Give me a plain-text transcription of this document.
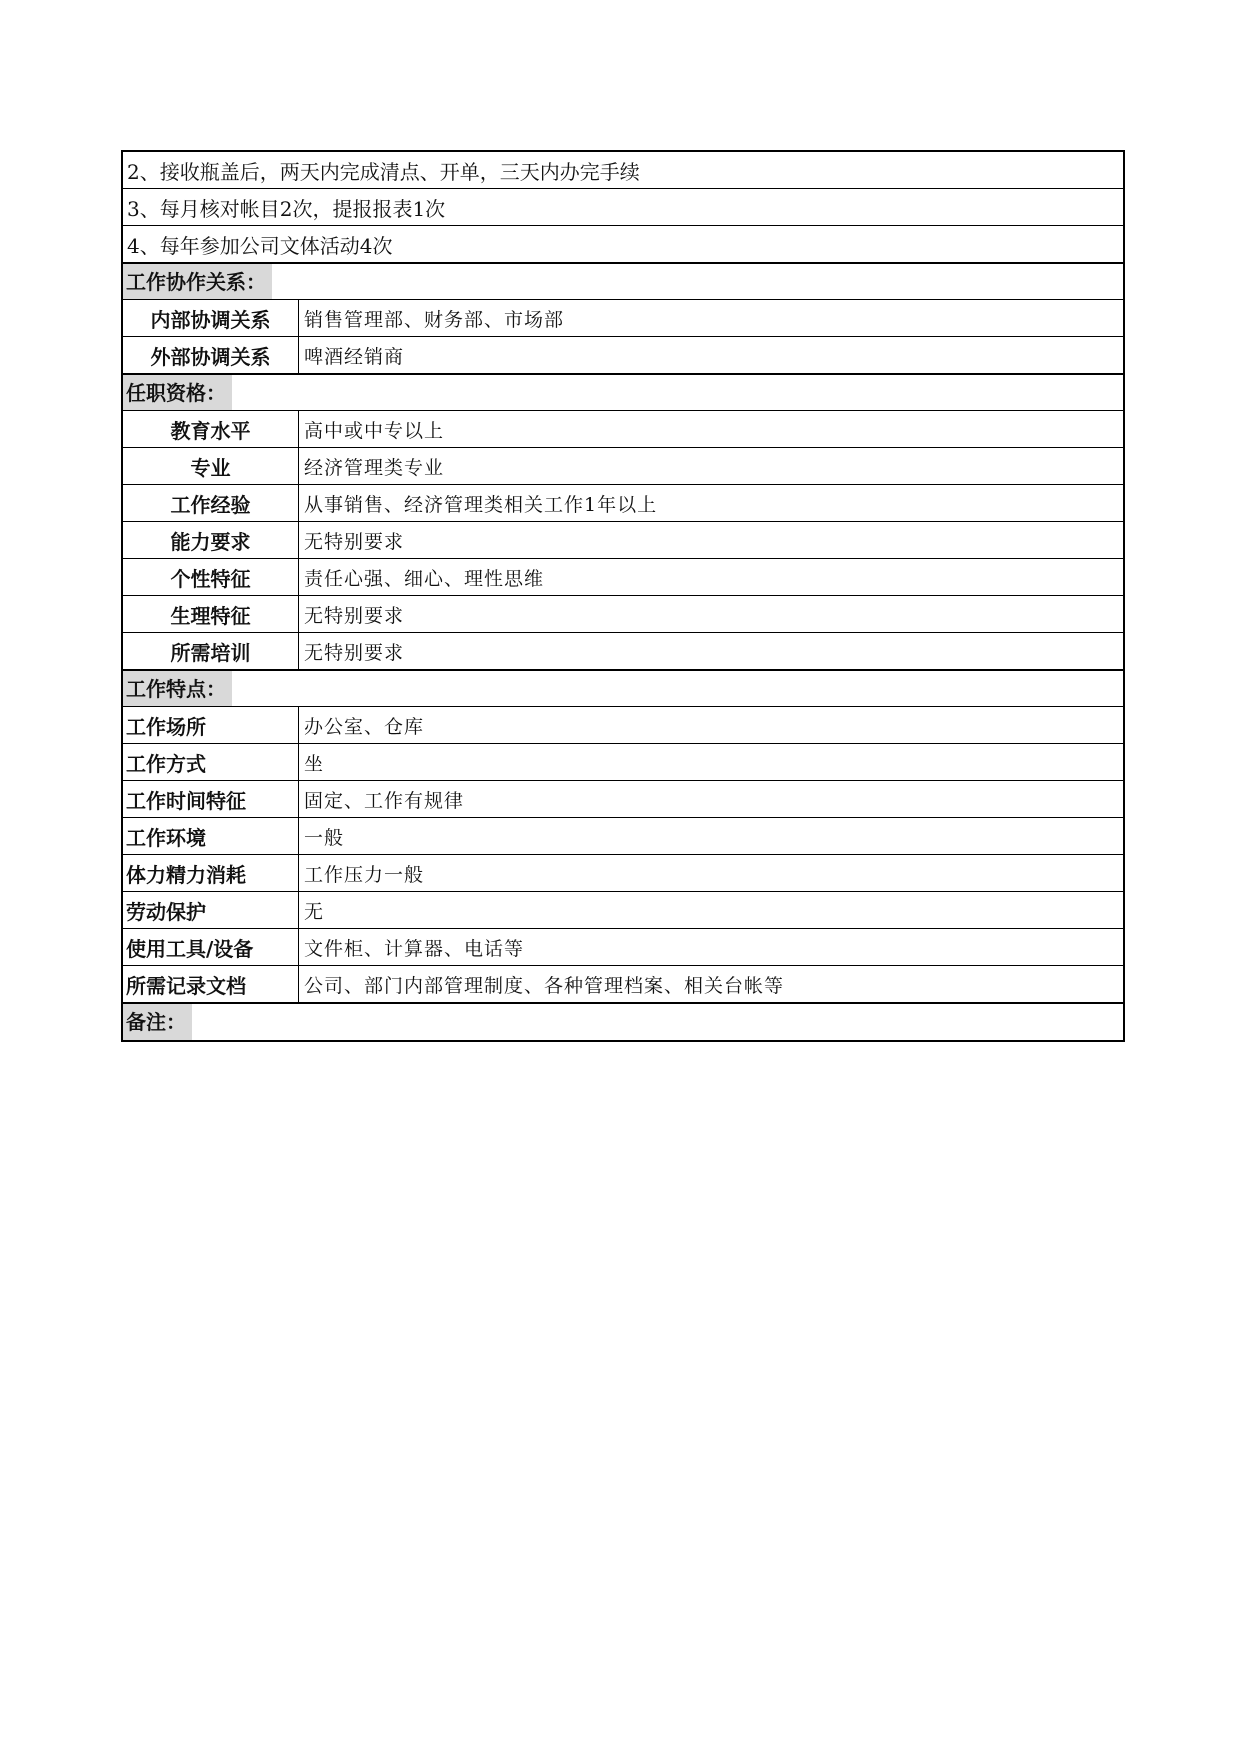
2、接收瓶盖后，两天内完成清点、开单，三天内办完手续
3、每月核对帐目2次，提报报表1次
4、每年参加公司文体活动4次
工作协作关系：
内部协调关系	销售管理部、财务部、市场部
外部协调关系	啤酒经销商
任职资格：
教育水平	高中或中专以上
专业	经济管理类专业
工作经验	从事销售、经济管理类相关工作1年以上
能力要求	无特别要求
个性特征	责任心强、细心、理性思维
生理特征	无特别要求
所需培训	无特别要求
工作特点：
工作场所	办公室、仓库
工作方式	坐
工作时间特征	固定、工作有规律
工作环境	一般
体力精力消耗	工作压力一般
劳动保护	无
使用工具/设备	文件柜、计算器、电话等
所需记录文档	公司、部门内部管理制度、各种管理档案、相关台帐等
备注：
